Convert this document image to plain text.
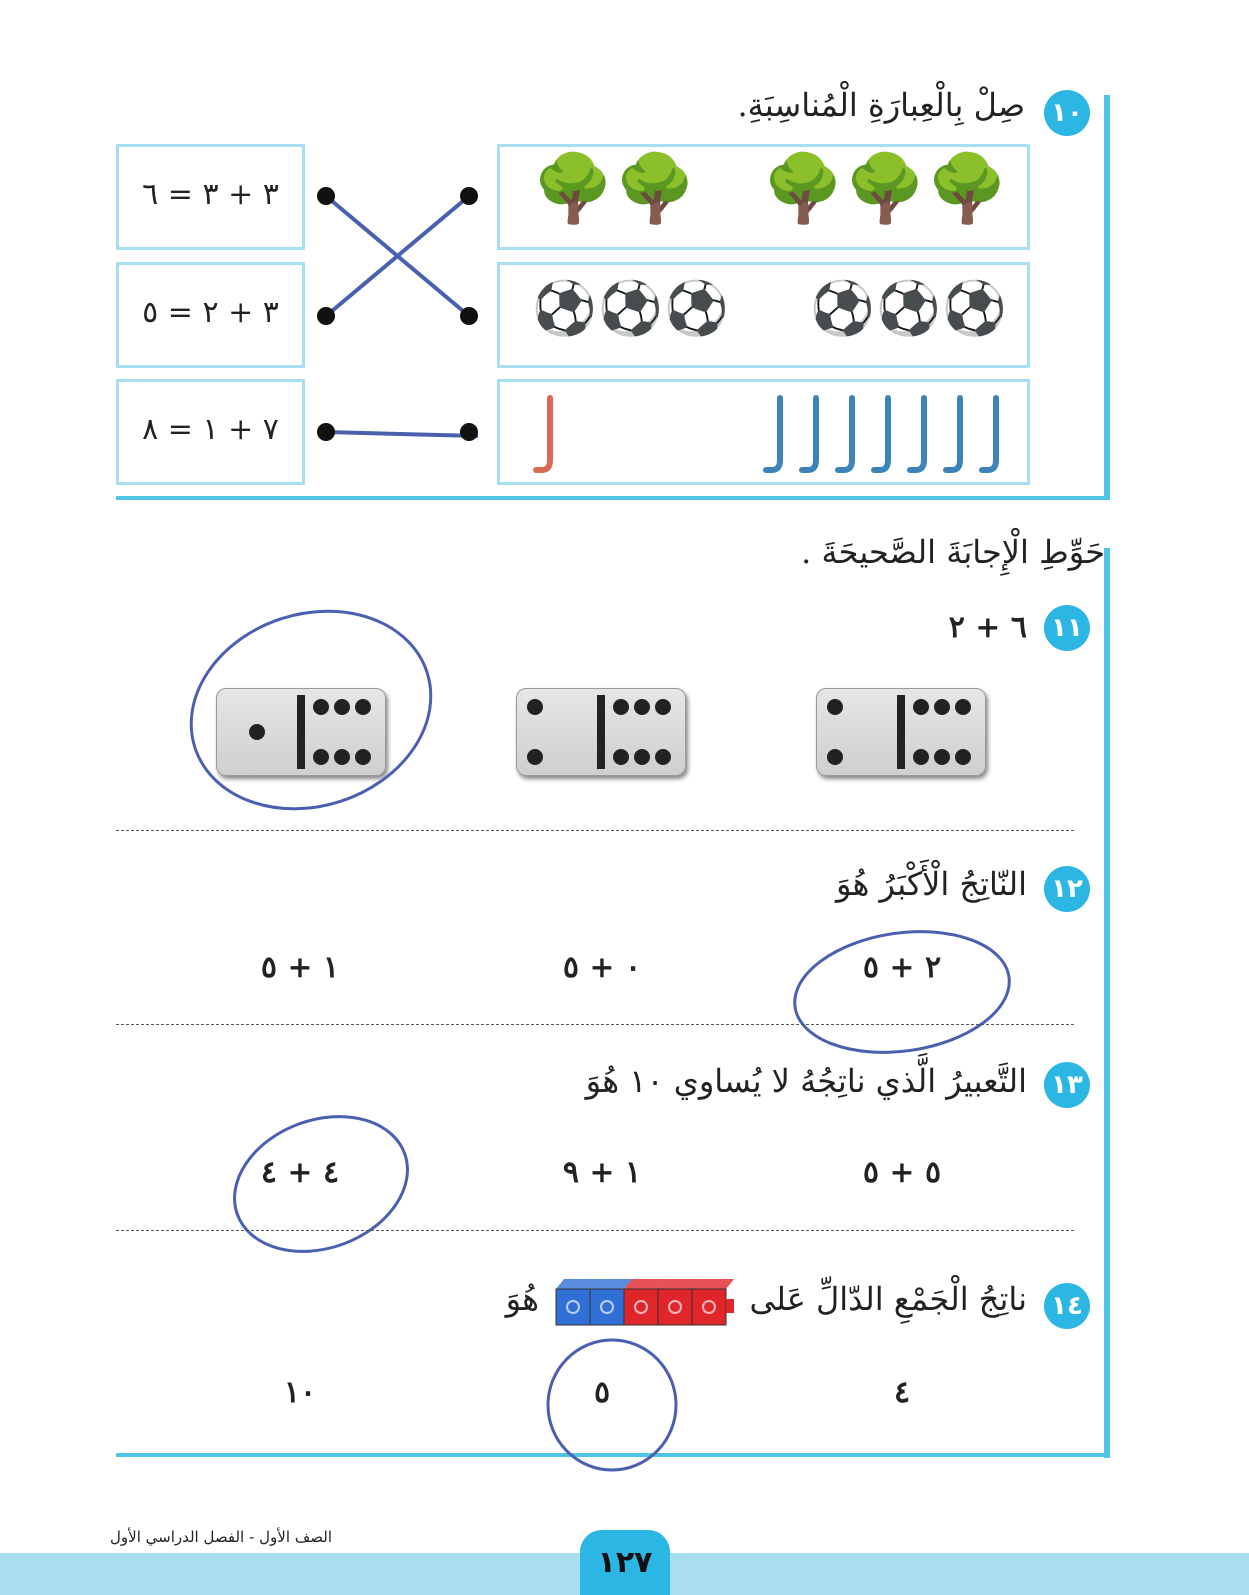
١٠
صِلْ بِالْعِبارَةِ الْمُناسِبَةِ.
٣ + ٣ = ٦
٣ + ٢ = ٥
٧ + ١ = ٨
🌳 🌳 🌳
🌳 🌳
⚽ ⚽ ⚽
⚽ ⚽ ⚽
حَوِّطِ الْإِجابَةَ الصَّحيحَةَ .
١١
٦ + ٢
١٢
النّاتِجُ الْأَكْبَرُ هُوَ
٢ + ٥
٠ + ٥
١ + ٥
١٣
التَّعبيرُ الَّذي ناتِجُهُ لا يُساوي ١٠ هُوَ
٥ + ٥
١ + ٩
٤ + ٤
١٤
ناتِجُ الْجَمْعِ الدّالِّ عَلى
هُوَ
٤
٥
١٠
الصف الأول - الفصل الدراسي الأول
١٢٧
